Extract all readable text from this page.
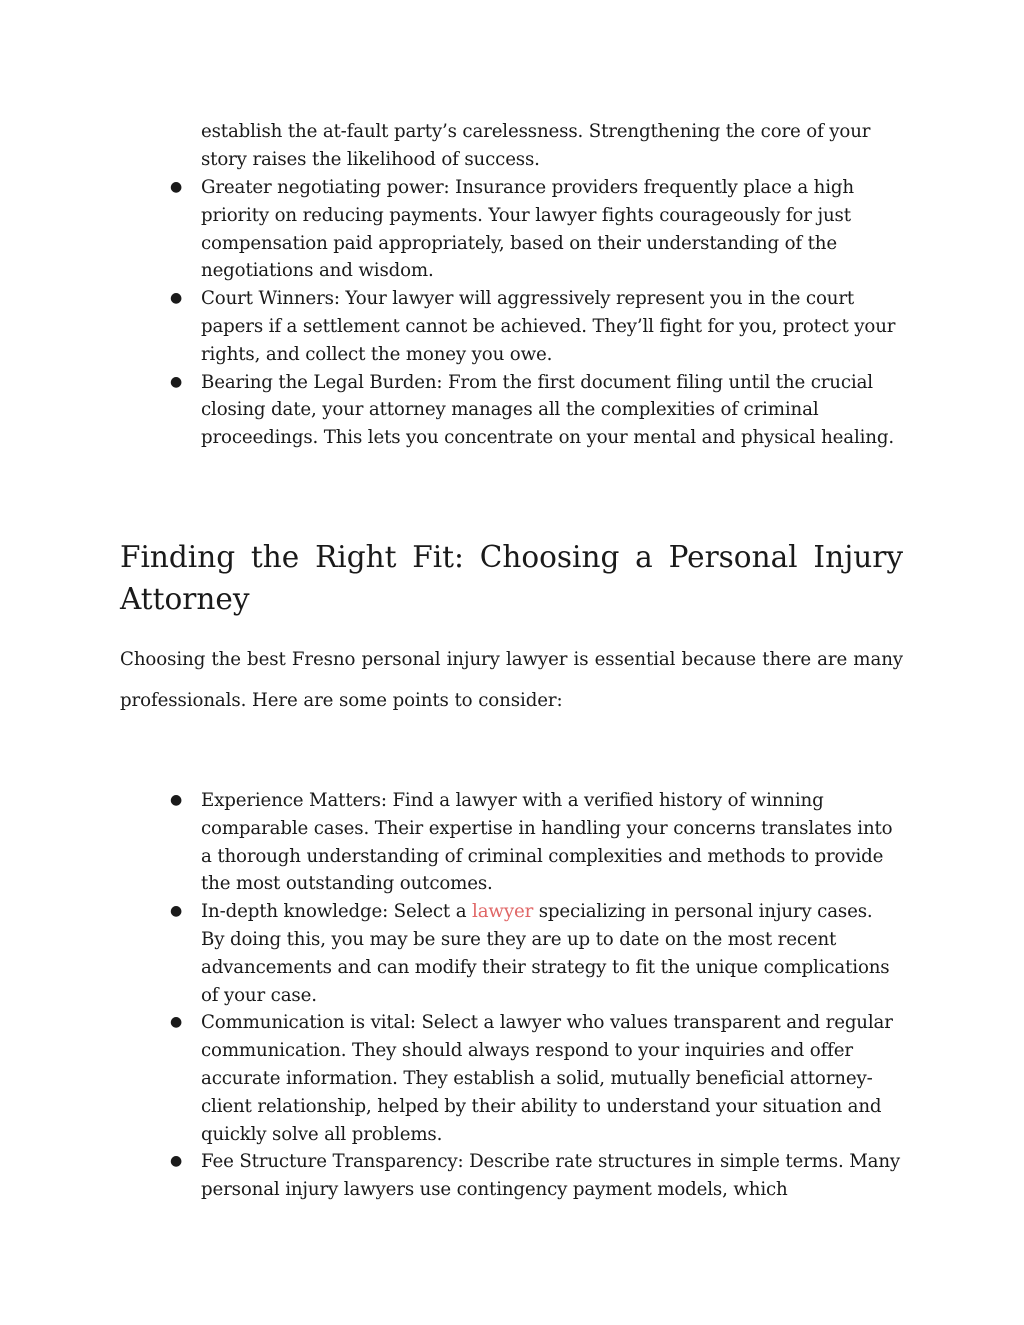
establish the at-fault party’s carelessness. Strengthening the core of your story raises the likelihood of success.
● Greater negotiating power: Insurance providers frequently place a high priority on reducing payments. Your lawyer fights courageously for just compensation paid appropriately, based on their understanding of the negotiations and wisdom.
● Court Winners: Your lawyer will aggressively represent you in the court papers if a settlement cannot be achieved. They’ll fight for you, protect your rights, and collect the money you owe.
● Bearing the Legal Burden: From the first document filing until the crucial closing date, your attorney manages all the complexities of criminal proceedings. This lets you concentrate on your mental and physical healing.
Finding the Right Fit: Choosing a Personal Injury Attorney

Choosing the best Fresno personal injury lawyer is essential because there are many professionals. Here are some points to consider:

● Experience Matters: Find a lawyer with a verified history of winning comparable cases. Their expertise in handling your concerns translates into a thorough understanding of criminal complexities and methods to provide the most outstanding outcomes.
● In-depth knowledge: Select a lawyer specializing in personal injury cases. By doing this, you may be sure they are up to date on the most recent advancements and can modify their strategy to fit the unique complications of your case.
● Communication is vital: Select a lawyer who values transparent and regular communication. They should always respond to your inquiries and offer accurate information. They establish a solid, mutually beneficial attorney-client relationship, helped by their ability to understand your situation and quickly solve all problems.
● Fee Structure Transparency: Describe rate structures in simple terms. Many personal injury lawyers use contingency payment models, which
